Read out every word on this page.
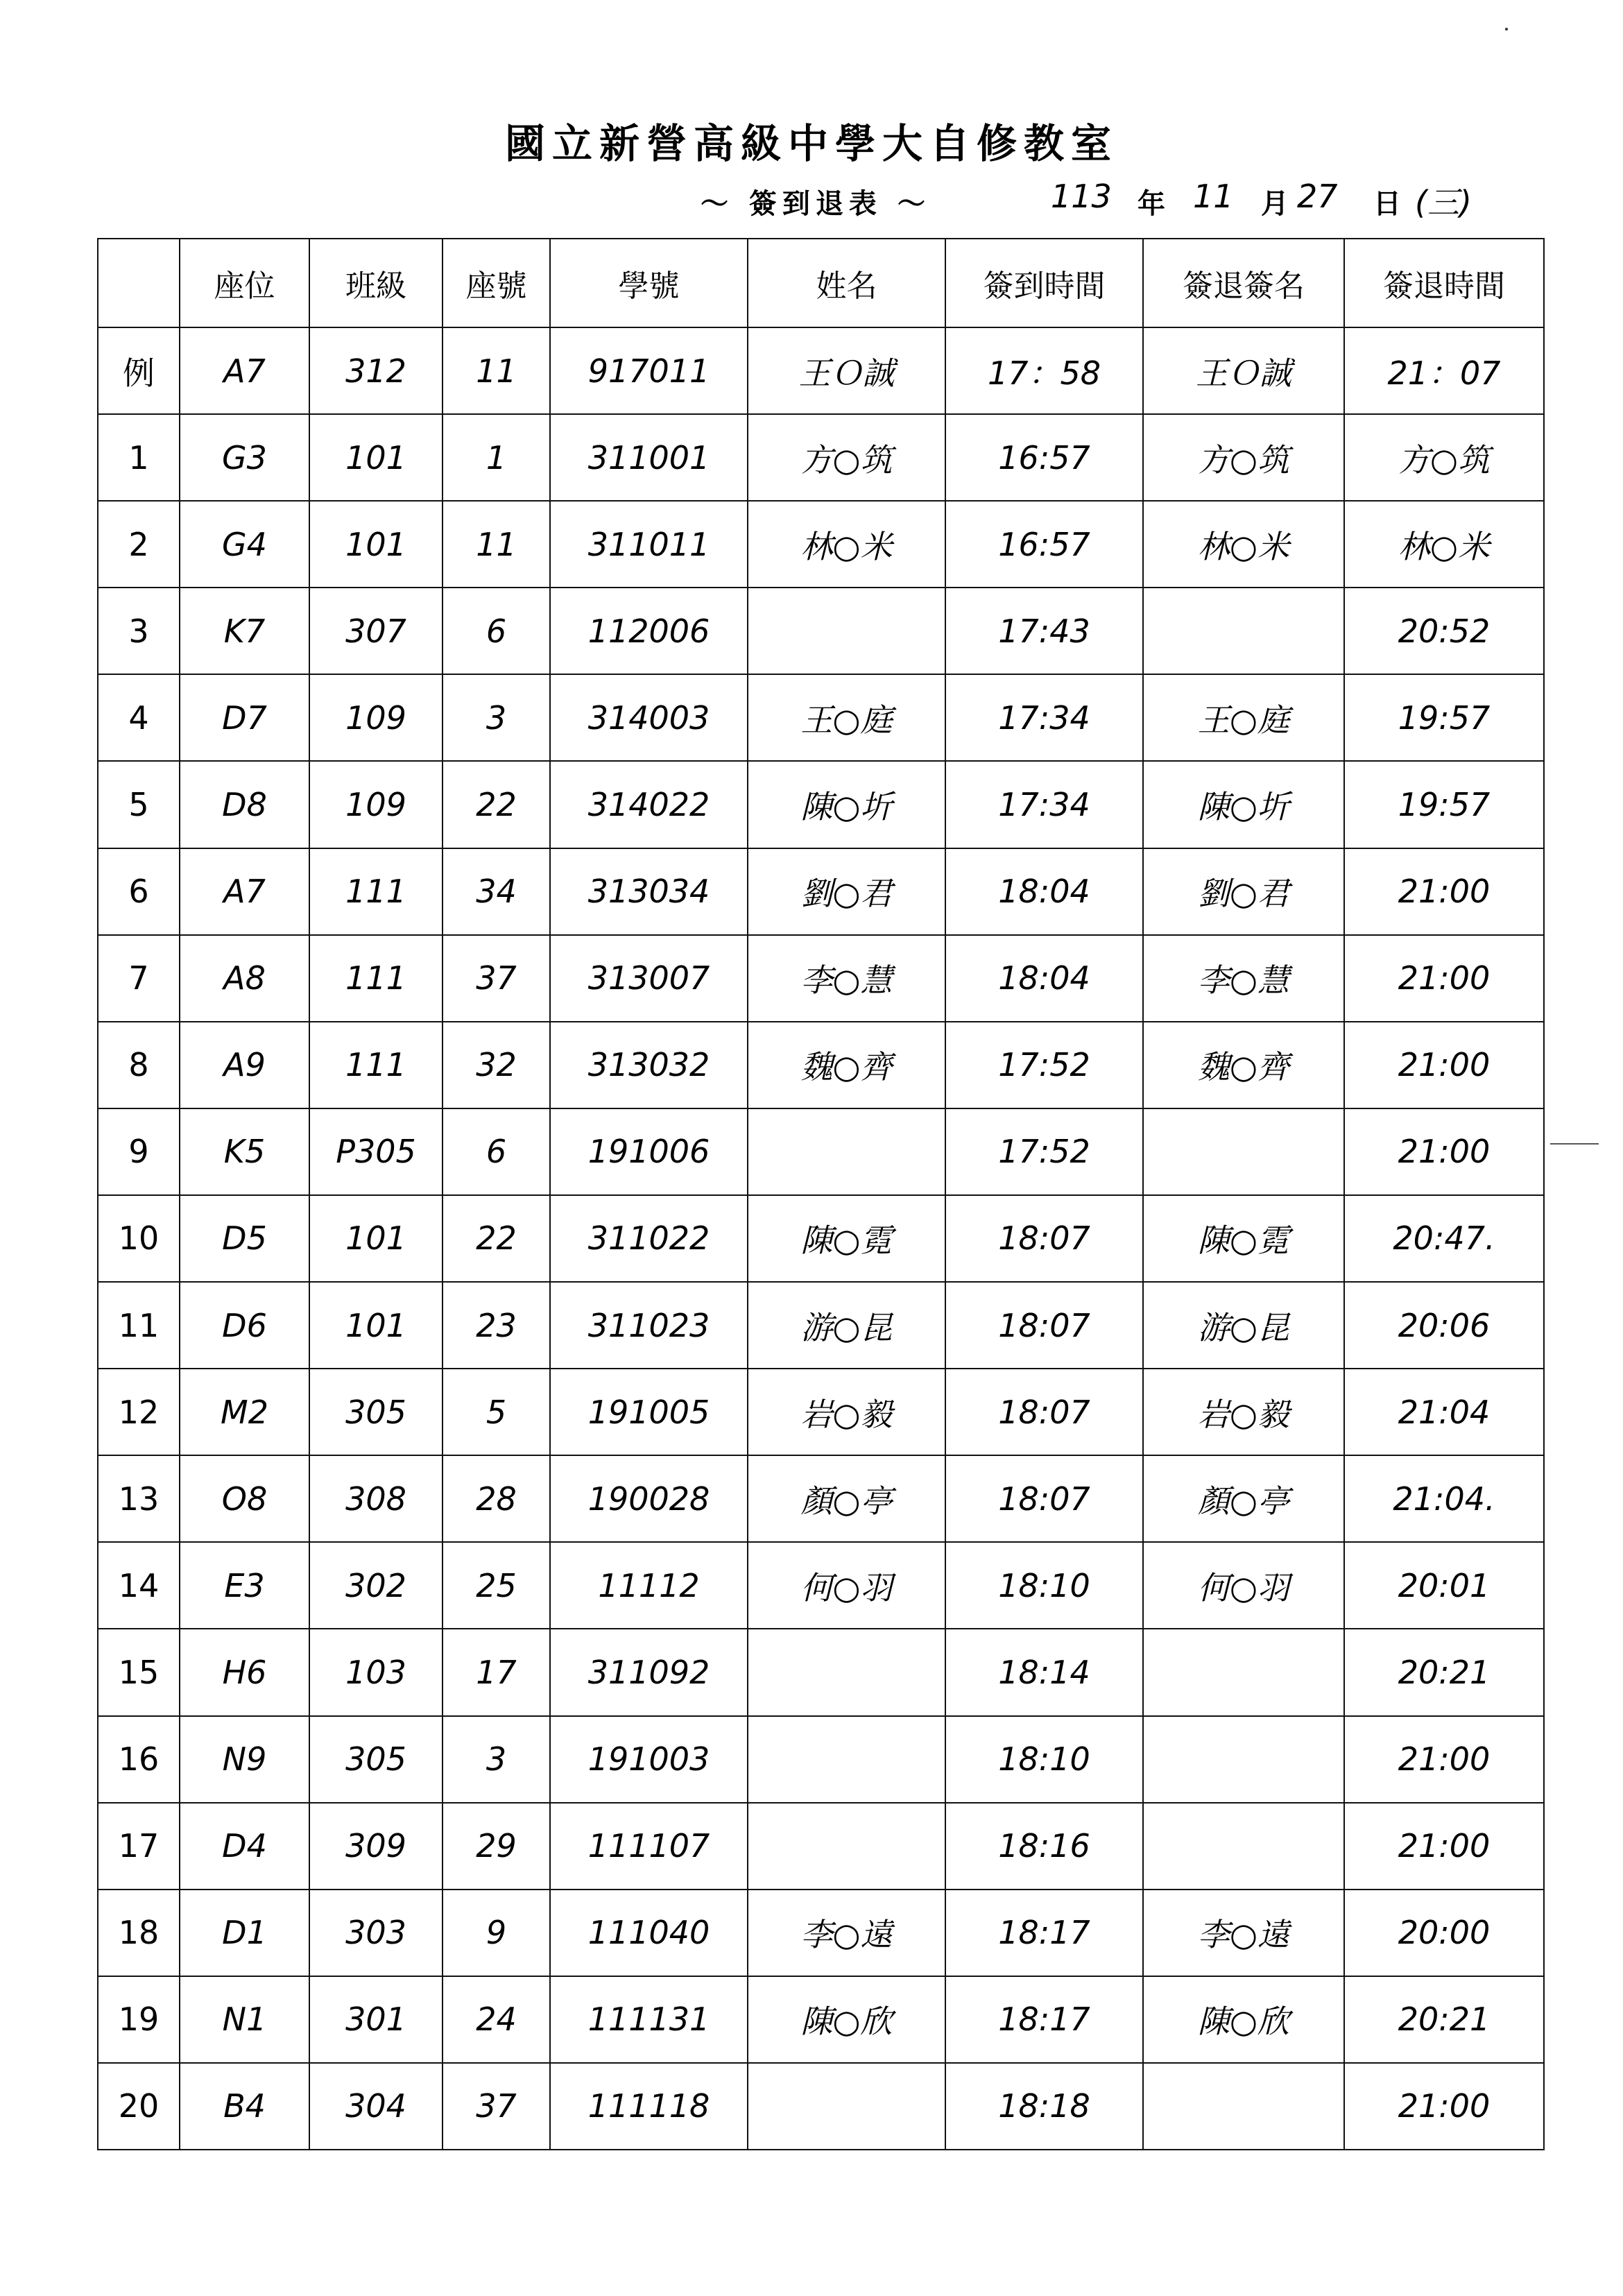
國立新營高級中學大自修教室
～ 簽到退表 ～	113 年 11 月 27 日 (三)
	座位	班級	座號	學號	姓名	簽到時間	簽退簽名	簽退時間
例	A7	312	11	917011	王Ｏ誠	17：58	王Ｏ誠	21：07
1	G3	101	1	311001	方○筑	16:57	方○筑	方○筑
2	G4	101	11	311011	林○米	16:57	林○米	林○米
3	K7	307	6	112006		17:43		20:52
4	D7	109	3	314003	王○庭	17:34	王○庭	19:57
5	D8	109	22	314022	陳○圻	17:34	陳○圻	19:57
6	A7	111	34	313034	劉○君	18:04	劉○君	21:00
7	A8	111	37	313007	李○慧	18:04	李○慧	21:00
8	A9	111	32	313032	魏○齊	17:52	魏○齊	21:00
9	K5	P305	6	191006		17:52		21:00
10	D5	101	22	311022	陳○霓	18:07	陳○霓	20:47.
11	D6	101	23	311023	游○昆	18:07	游○昆	20:06
12	M2	305	5	191005	岩○毅	18:07	岩○毅	21:04
13	O8	308	28	190028	顏○亭	18:07	顏○亭	21:04.
14	E3	302	25	11112	何○羽	18:10	何○羽	20:01
15	H6	103	17	311092		18:14		20:21
16	N9	305	3	191003		18:10		21:00
17	D4	309	29	111107		18:16		21:00
18	D1	303	9	111040	李○遠	18:17	李○遠	20:00
19	N1	301	24	111131	陳○欣	18:17	陳○欣	20:21
20	B4	304	37	111118		18:18		21:00
